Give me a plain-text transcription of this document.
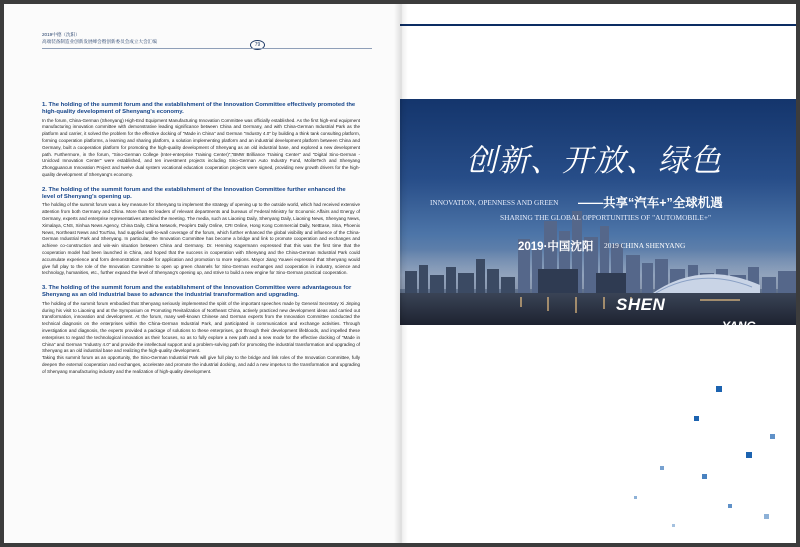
2019中德（沈阳）
高端装备制造业创新发展峰会暨创新委员会成立大会汇编
79
1. The holding of the summit forum and the establishment of the Innovation Committee effectively promoted the high-quality development of Shenyang's economy.

In the forum, China-German (Shenyang) High-End Equipment Manufacturing Innovation Committee was officially established. As the first high-end equipment manufacturing innovation committee with demonstrative leading significance between China and Germany, and with China-German Industrial Park as the platform and carrier, it solved the problem for the effective docking of "Made in China" and German "Industry 4.0" by building a think tank consulting platform, forming cooperation platforms, a learning and sharing platform, a solution implementing platform and an industrial development platform between China and Germany, built a cooperation platform for promoting the high-quality development of Shenyang as an old industrial base, and explored a new development path. Furthermore, in the forum, "Sino-German College (Inter-enterprise Training Center)","BMW Brilliance Training Center" and "Digital Sino-German - Uniclovd Innovation Center" were established, and ten investment projects including Sino-German Auto Industry Fund, MoliteTech and Shenyang Zhongguancun Innovation Project and twelve dual system vocational education cooperation projects were signed, providing new growth drivers for the high-quality development of Shenyang's economy.

2. The holding of the summit forum and the establishment of the Innovation Committee further enhanced the level of Shenyang's opening up.

The holding of the summit forum was a key measure for Shenyang to implement the strategy of opening up to the outside world, which had received extensive attention from both Germany and China. More than 60 leaders of relevant departments and bureaus of Federal Ministry for Economic Affairs and Energy of Germany, experts and enterprise representatives attended the meeting. The media, such as Liaoning Daily, Shenyang Daily, Liaoning News, Shenyang News, Ximalaya, CNS, Xinhua News Agency, China Daily, China Network, People's Daily Online, CRI Online, Hong Kong Commercial Daily, NetEase, Sina, Phoenix News, Northeast News and TouTiao, had supplied wall-to-wall coverage of the forum, which further enhanced the global visibility and influence of the China-German Industrial Park and Shenyang. In particular, the Innovation Committee has become a bridge and link to promote cooperation and exchanges and achieve co-construction and win-win situation between China and Germany. Dr. Henning Kagermann expressed that this was the first time that the cooperation model had been launched in China, and hoped that the success in cooperation with Shenyang and the China-German Industrial Park could accumulate experience and form demonstration model for application and promotion to more regions. Mayor Jiang Youwei expressed that Shenyang would give full play to the role of the Innovation Committee to open up green channels for Sino-German exchanges and cooperation in industry, science and technology, humanities, etc., further expand the level of Shenyang's opening up, and strive to build a new engine for Sino-German practical cooperation.

3. The holding of the summit forum and the establishment of the Innovation Committee were advantageous for Shenyang as an old industrial base to advance the industrial transformation and upgrading.

The holding of the summit forum embodied that Shenyang seriously implemented the spirit of the important speeches made by General Secretary Xi Jinping during his visit to Liaoning and at the Symposium on Promoting Revitalization of Northeast China, actively practiced new development ideas and carried out transformation, innovation and development. At the forum, many well-known Chinese and German experts from the Innovation Committee conducted the technical diagnosis on the enterprises within the China-German Industrial Park, and participated in communication and exchange activities. Through investigation and diagnosis, the experts provided a package of solutions to these enterprises, got through their development lifebloods, and impelled these enterprises to regard the technological innovation as their focuses, so as to fully explore a new path and a new mode for the effective docking of "Made in China" and German "Industry 4.0" and provide the intellectual support and a problem-solving path for promoting the industrial transformation and upgrading of Shenyang as an old industrial base and realizing the high-quality development.

Taking this summit forum as an opportunity, the Sino-German Industrial Park will give full play to the bridge and link roles of the Innovation Committee, fully deepen the external cooperation and exchanges, accelerate and promote the industrial docking, and add a new impetus to the transformation and upgrading of Shenyang manufacturing industry and the realization of high-quality development.

创新、开放、绿色
INNOVATION, OPENNESS AND GREEN ——共享“汽车+”全球机遇
SHARING THE GLOBAL OPPORTUNITIES OF "AUTOMOBILE+"
2019·中国沈阳 2019 CHINA SHENYANG
SHEN
YANG
